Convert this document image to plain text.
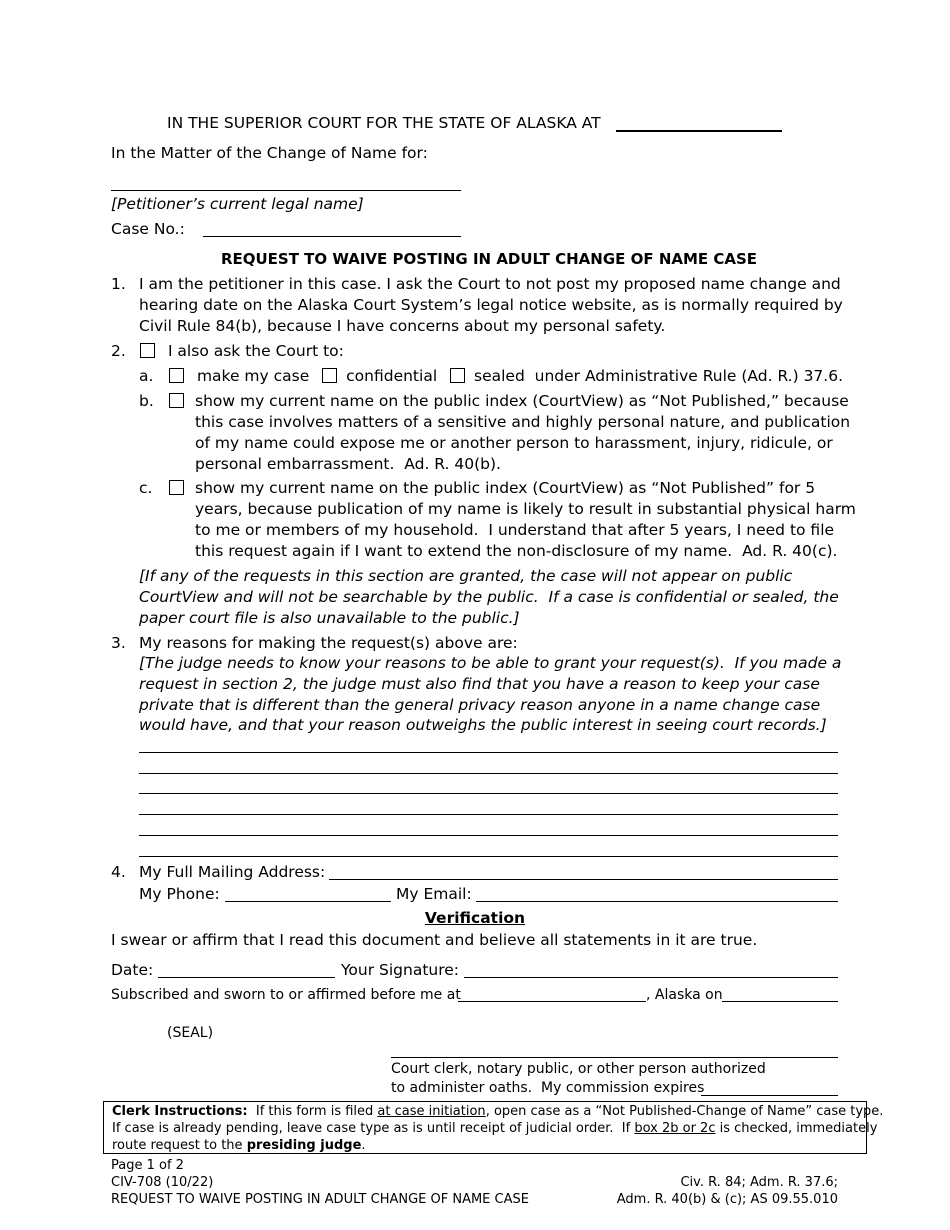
IN THE SUPERIOR COURT FOR THE STATE OF ALASKA AT
In the Matter of the Change of Name for:
[Petitioner’s current legal name]
Case No.:
REQUEST TO WAIVE POSTING IN ADULT CHANGE OF NAME CASE
1. I am the petitioner in this case. I ask the Court to not post my proposed name change and
hearing date on the Alaska Court System’s legal notice website, as is normally required by
Civil Rule 84(b), because I have concerns about my personal safety.
2.	I also ask the Court to:
a.	make my case confidential sealed  under Administrative Rule (Ad. R.) 37.6.
b.	show my current name on the public index (CourtView) as “Not Published,” because
this case involves matters of a sensitive and highly personal nature, and publication
of my name could expose me or another person to harassment, injury, ridicule, or
personal embarrassment.  Ad. R. 40(b).
c.	show my current name on the public index (CourtView) as “Not Published” for 5
years, because publication of my name is likely to result in substantial physical harm
to me or members of my household.  I understand that after 5 years, I need to file
this request again if I want to extend the non-disclosure of my name.  Ad. R. 40(c).
[If any of the requests in this section are granted, the case will not appear on public
CourtView and will not be searchable by the public.  If a case is confidential or sealed, the
paper court file is also unavailable to the public.]
3. My reasons for making the request(s) above are:
[The judge needs to know your reasons to be able to grant your request(s).  If you made a
request in section 2, the judge must also find that you have a reason to keep your case
private that is different than the general privacy reason anyone in a name change case
would have, and that your reason outweighs the public interest in seeing court records.]
4. My Full Mailing Address:
My Phone:	My Email:
Verification
I swear or affirm that I read this document and believe all statements in it are true.
Date:	Your Signature:
Subscribed and sworn to or affirmed before me at	, Alaska on
(SEAL)
Court clerk, notary public, or other person authorized
to administer oaths.  My commission expires
Clerk Instructions:  If this form is filed at case initiation, open case as a “Not Published-Change of Name” case type.
If case is already pending, leave case type as is until receipt of judicial order.  If box 2b or 2c is checked, immediately
route request to the presiding judge.
Page 1 of 2
CIV-708 (10/22)
REQUEST TO WAIVE POSTING IN ADULT CHANGE OF NAME CASE
Civ. R. 84; Adm. R. 37.6;
Adm. R. 40(b) & (c); AS 09.55.010
